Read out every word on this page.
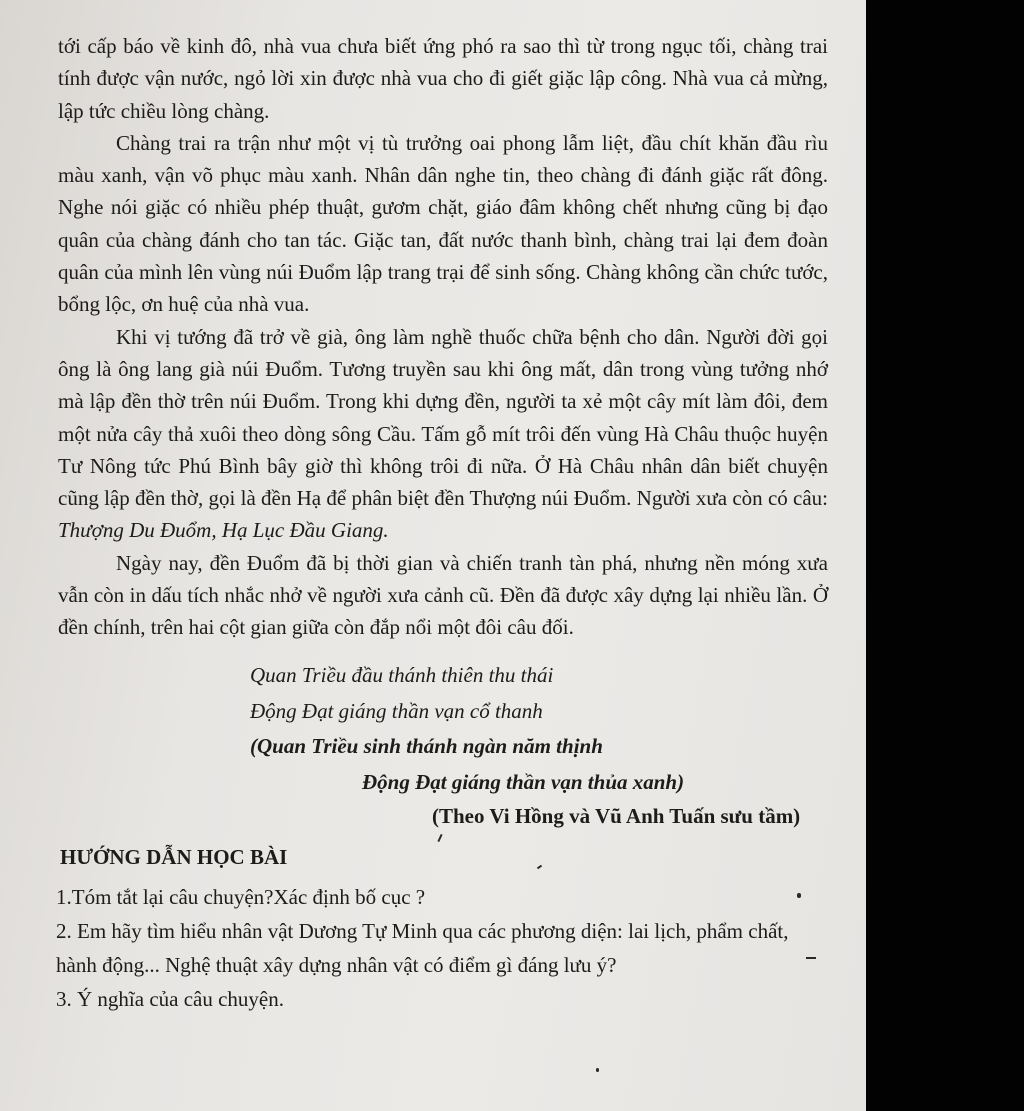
tới cấp báo về kinh đô, nhà vua chưa biết ứng phó ra sao thì từ trong ngục tối, chàng trai tính được vận nước, ngỏ lời xin được nhà vua cho đi giết giặc lập công. Nhà vua cả mừng, lập tức chiều lòng chàng.

Chàng trai ra trận như một vị tù trưởng oai phong lẫm liệt, đầu chít khăn đầu rìu màu xanh, vận võ phục màu xanh. Nhân dân nghe tin, theo chàng đi đánh giặc rất đông. Nghe nói giặc có nhiều phép thuật, gươm chặt, giáo đâm không chết nhưng cũng bị đạo quân của chàng đánh cho tan tác. Giặc tan, đất nước thanh bình, chàng trai lại đem đoàn quân của mình lên vùng núi Đuổm lập trang trại để sinh sống. Chàng không cần chức tước, bổng lộc, ơn huệ của nhà vua.

Khi vị tướng đã trở về già, ông làm nghề thuốc chữa bệnh cho dân. Người đời gọi ông là ông lang già núi Đuổm. Tương truyền sau khi ông mất, dân trong vùng tưởng nhớ mà lập đền thờ trên núi Đuổm. Trong khi dựng đền, người ta xẻ một cây mít làm đôi, đem một nửa cây thả xuôi theo dòng sông Cầu. Tấm gỗ mít trôi đến vùng Hà Châu thuộc huyện Tư Nông tức Phú Bình bây giờ thì không trôi đi nữa. Ở Hà Châu nhân dân biết chuyện cũng lập đền thờ, gọi là đền Hạ để phân biệt đền Thượng núi Đuổm. Người xưa còn có câu: Thượng Du Đuổm, Hạ Lục Đầu Giang.

Ngày nay, đền Đuổm đã bị thời gian và chiến tranh tàn phá, nhưng nền móng xưa vẫn còn in dấu tích nhắc nhở về người xưa cảnh cũ. Đền đã được xây dựng lại nhiều lần. Ở đền chính, trên hai cột gian giữa còn đắp nổi một đôi câu đối.

Quan Triều đầu thánh thiên thu thái
Động Đạt giáng thần vạn cổ thanh
(Quan Triều sinh thánh ngàn năm thịnh
Động Đạt giáng thần vạn thủa xanh)
(Theo Vi Hồng và Vũ Anh Tuấn sưu tầm)
HƯỚNG DẪN HỌC BÀI

1.Tóm tắt lại câu chuyện?Xác định bố cục ?

2. Em hãy tìm hiểu nhân vật Dương Tự Minh qua các phương diện: lai lịch, phẩm chất, hành động... Nghệ thuật xây dựng nhân vật có điểm gì đáng lưu ý?

3. Ý nghĩa của câu chuyện.
